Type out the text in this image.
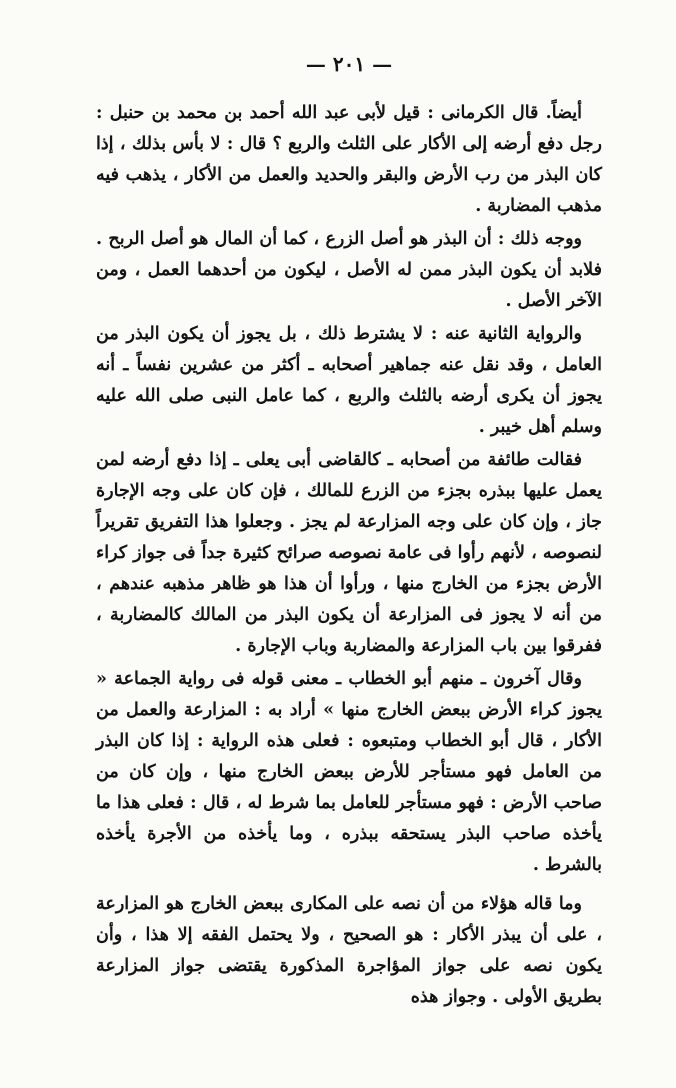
— ٢٠١ —

أيضاً. قال الكرمانى : قيل لأبى عبد الله أحمد بن محمد بن حنبل : رجل دفع أرضه إلى الأكار على الثلث والربع ؟ قال : لا بأس بذلك ، إذا كان البذر من رب الأرض والبقر والحديد والعمل من الأكار ، يذهب فيه مذهب المضاربة .

ووجه ذلك : أن البذر هو أصل الزرع ، كما أن المال هو أصل الربح . فلابد أن يكون البذر ممن له الأصل ، ليكون من أحدهما العمل ، ومن الآخر الأصل .

والرواية الثانية عنه : لا يشترط ذلك ، بل يجوز أن يكون البذر من العامل ، وقد نقل عنه جماهير أصحابه ـ أكثر من عشرين نفساً ـ أنه يجوز أن يكرى أرضه بالثلث والربع ، كما عامل النبى صلى الله عليه وسلم أهل خيبر .

فقالت طائفة من أصحابه ـ كالقاضى أبى يعلى ـ إذا دفع أرضه لمن يعمل عليها ببذره بجزء من الزرع للمالك ، فإن كان على وجه الإجارة جاز ، وإن كان على وجه المزارعة لم يجز . وجعلوا هذا التفريق تقريراً لنصوصه ، لأنهم رأوا فى عامة نصوصه صرائح كثيرة جداً فى جواز كراء الأرض بجزء من الخارج منها ، ورأوا أن هذا هو ظاهر مذهبه عندهم ، من أنه لا يجوز فى المزارعة أن يكون البذر من المالك كالمضاربة ، ففرقوا بين باب المزارعة والمضاربة وباب الإجارة .

وقال آخرون ـ منهم أبو الخطاب ـ معنى قوله فى رواية الجماعة « يجوز كراء الأرض ببعض الخارج منها » أراد به : المزارعة والعمل من الأكار ، قال أبو الخطاب ومتبعوه : فعلى هذه الرواية : إذا كان البذر من العامل فهو مستأجر للأرض ببعض الخارج منها ، وإن كان من صاحب الأرض : فهو مستأجر للعامل بما شرط له ، قال : فعلى هذا ما يأخذه صاحب البذر يستحقه ببذره ، وما يأخذه من الأجرة يأخذه بالشرط .

وما قاله هؤلاء من أن نصه على المكارى ببعض الخارج هو المزارعة ، على أن يبذر الأكار : هو الصحيح ، ولا يحتمل الفقه إلا هذا ، وأن يكون نصه على جواز المؤاجرة المذكورة يقتضى جواز المزارعة بطريق الأولى . وجواز هذه
